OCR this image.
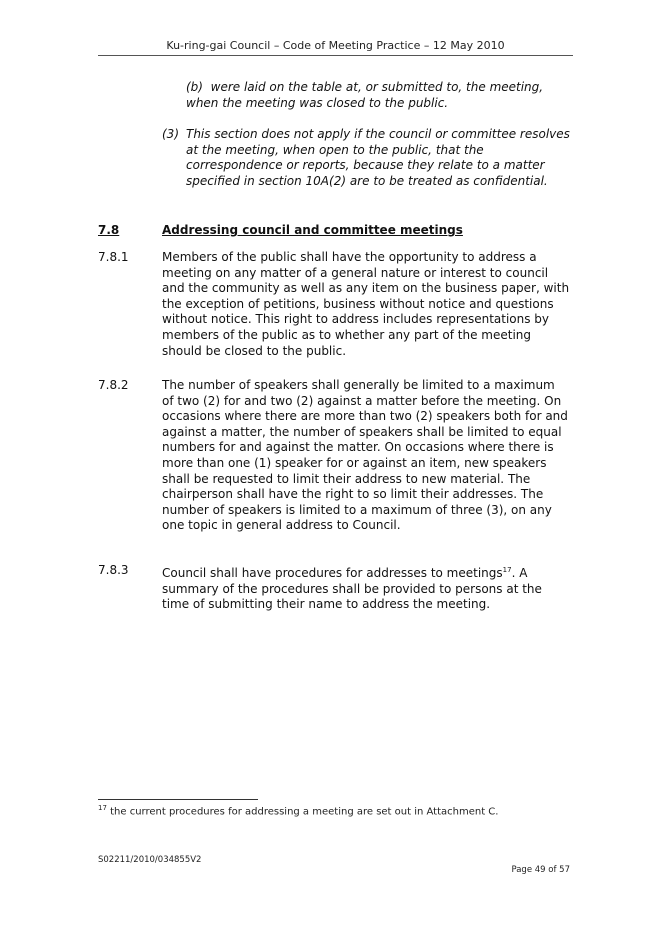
Ku-ring-gai Council – Code of Meeting Practice – 12 May 2010
(b) were laid on the table at, or submitted to, the meeting,
when the meeting was closed to the public.
(3) This section does not apply if the council or committee resolves
at the meeting, when open to the public, that the
correspondence or reports, because they relate to a matter
specified in section 10A(2) are to be treated as confidential.
7.8	Addressing council and committee meetings
7.8.1	Members of the public shall have the opportunity to address a
meeting on any matter of a general nature or interest to council
and the community as well as any item on the business paper, with
the exception of petitions, business without notice and questions
without notice. This right to address includes representations by
members of the public as to whether any part of the meeting
should be closed to the public.
7.8.2	The number of speakers shall generally be limited to a maximum
of two (2) for and two (2) against a matter before the meeting. On
occasions where there are more than two (2) speakers both for and
against a matter, the number of speakers shall be limited to equal
numbers for and against the matter. On occasions where there is
more than one (1) speaker for or against an item, new speakers
shall be requested to limit their address to new material. The
chairperson shall have the right to so limit their addresses. The
number of speakers is limited to a maximum of three (3), on any
one topic in general address to Council.
7.8.3	Council shall have procedures for addresses to meetings$^{17}$. A
summary of the procedures shall be provided to persons at the
time of submitting their name to address the meeting.
$^{17}$ the current procedures for addressing a meeting are set out in Attachment C.
S02211/2010/034855V2
Page 49 of 57
